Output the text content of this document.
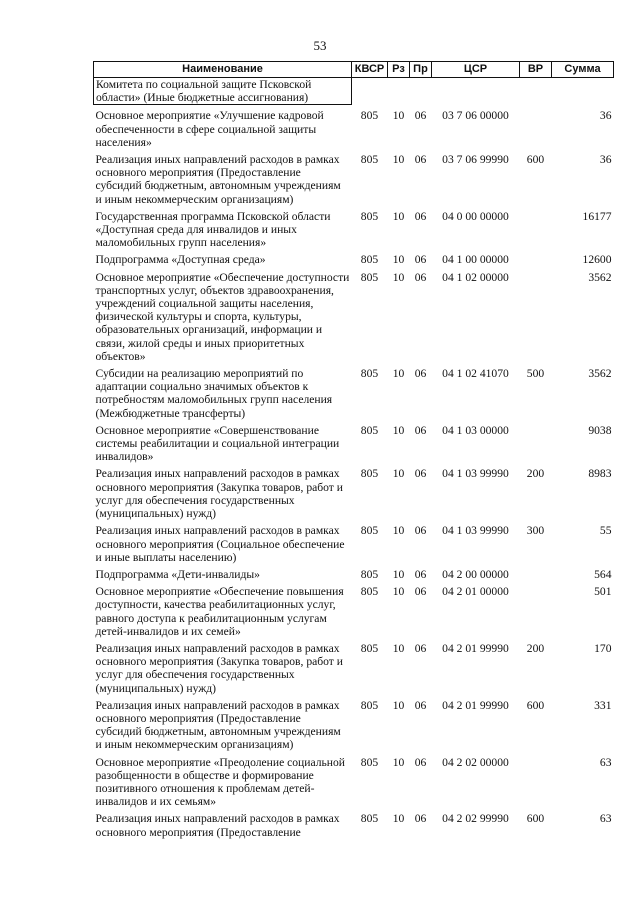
53
Наименование	КВСР	Рз	Пр	ЦСР	ВР	Сумма
Комитета по социальной защите Псковской области» (Иные бюджетные ассигнования)						
Основное мероприятие «Улучшение кадровой обеспеченности в сфере социальной защиты населения»	805	10	06	03 7 06 00000		36
Реализация иных направлений расходов в рамках основного мероприятия (Предоставление субсидий бюджетным, автономным учреждениям и иным некоммерческим организациям)	805	10	06	03 7 06 99990	600	36
Государственная программа Псковской области «Доступная среда для инвалидов и иных маломобильных групп населения»	805	10	06	04 0 00 00000		16177
Подпрограмма «Доступная среда»	805	10	06	04 1 00 00000		12600
Основное мероприятие «Обеспечение доступности транспортных услуг, объектов здравоохранения, учреждений социальной защиты населения, физической культуры и спорта, культуры, образовательных организаций, информации и связи, жилой среды и иных приоритетных объектов»	805	10	06	04 1 02 00000		3562
Субсидии на реализацию мероприятий по адаптации социально значимых объектов к потребностям маломобильных групп населения (Межбюджетные трансферты)	805	10	06	04 1 02 41070	500	3562
Основное мероприятие «Совершенствование системы реабилитации и социальной интеграции инвалидов»	805	10	06	04 1 03 00000		9038
Реализация иных направлений расходов в рамках основного мероприятия (Закупка товаров, работ и услуг для обеспечения государственных (муниципальных) нужд)	805	10	06	04 1 03 99990	200	8983
Реализация иных направлений расходов в рамках основного мероприятия (Социальное обеспечение и иные выплаты населению)	805	10	06	04 1 03 99990	300	55
Подпрограмма «Дети-инвалиды»	805	10	06	04 2 00 00000		564
Основное мероприятие «Обеспечение повышения доступности, качества реабилитационных услуг, равного доступа к реабилитационным услугам детей-инвалидов и их семей»	805	10	06	04 2 01 00000		501
Реализация иных направлений расходов в рамках основного мероприятия (Закупка товаров, работ и услуг для обеспечения государственных (муниципальных) нужд)	805	10	06	04 2 01 99990	200	170
Реализация иных направлений расходов в рамках основного мероприятия (Предоставление субсидий бюджетным, автономным учреждениям и иным некоммерческим организациям)	805	10	06	04 2 01 99990	600	331
Основное мероприятие «Преодоление социальной разобщенности в обществе и формирование позитивного отношения к проблемам детей-инвалидов и их семьям»	805	10	06	04 2 02 00000		63
Реализация иных направлений расходов в рамках основного мероприятия (Предоставление	805	10	06	04 2 02 99990	600	63
